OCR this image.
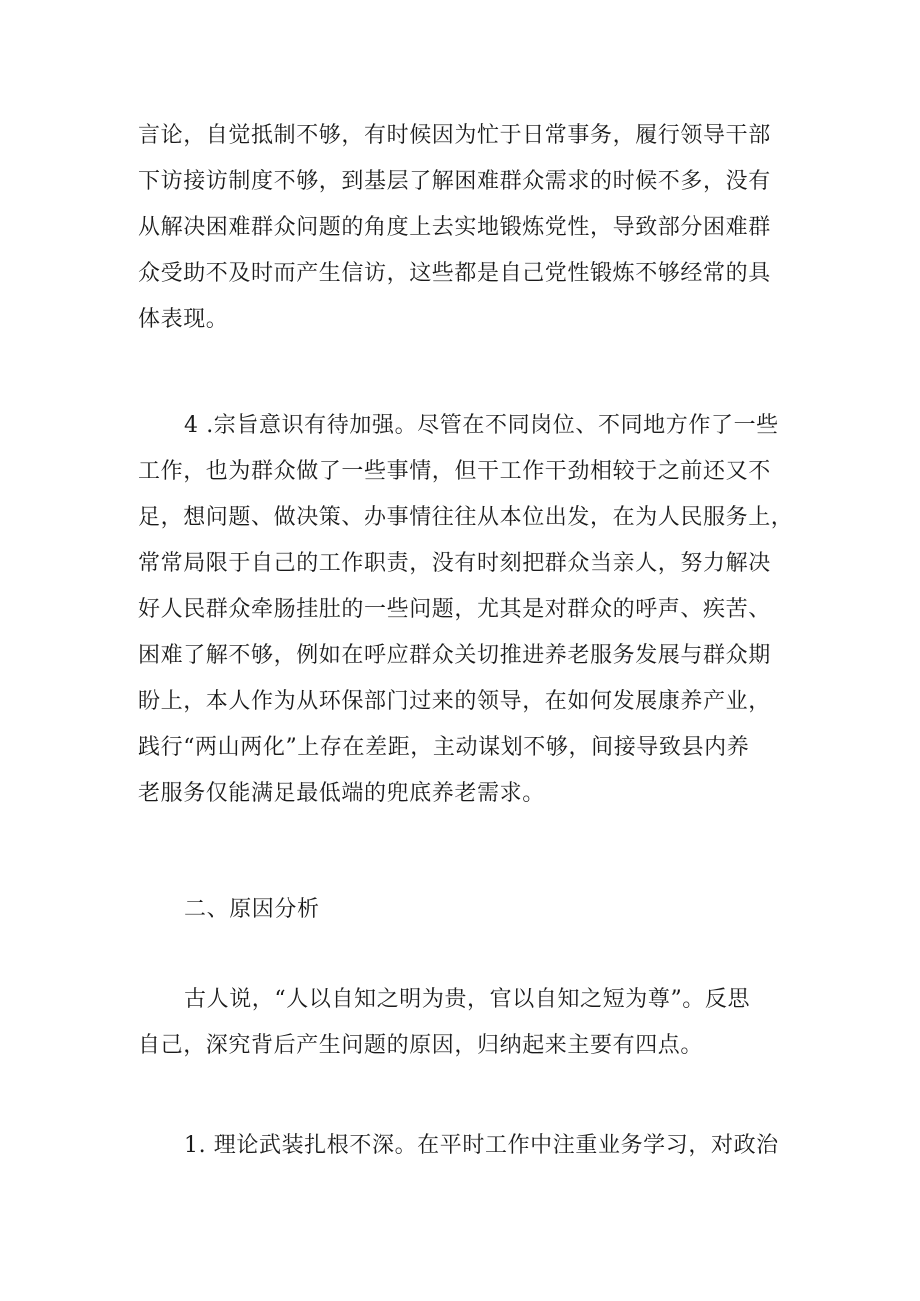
言论，自觉抵制不够，有时候因为忙于日常事务，履行领导干部
下访接访制度不够，到基层了解困难群众需求的时候不多，没有
从解决困难群众问题的角度上去实地锻炼党性，导致部分困难群
众受助不及时而产生信访，这些都是自己党性锻炼不够经常的具
体表现。

4 .宗旨意识有待加强。尽管在不同岗位、不同地方作了一些
工作，也为群众做了一些事情，但干工作干劲相较于之前还又不
足，想问题、做决策、办事情往往从本位出发，在为人民服务上，
常常局限于自己的工作职责，没有时刻把群众当亲人，努力解决
好人民群众牵肠挂肚的一些问题，尤其是对群众的呼声、疾苦、
困难了解不够，例如在呼应群众关切推进养老服务发展与群众期
盼上，本人作为从环保部门过来的领导，在如何发展康养产业，
践行“两山两化”上存在差距，主动谋划不够，间接导致县内养
老服务仅能满足最低端的兜底养老需求。

二、原因分析

古人说，“人以自知之明为贵，官以自知之短为尊”。反思
自己，深究背后产生问题的原因，归纳起来主要有四点。

1. 理论武装扎根不深。在平时工作中注重业务学习，对政治
